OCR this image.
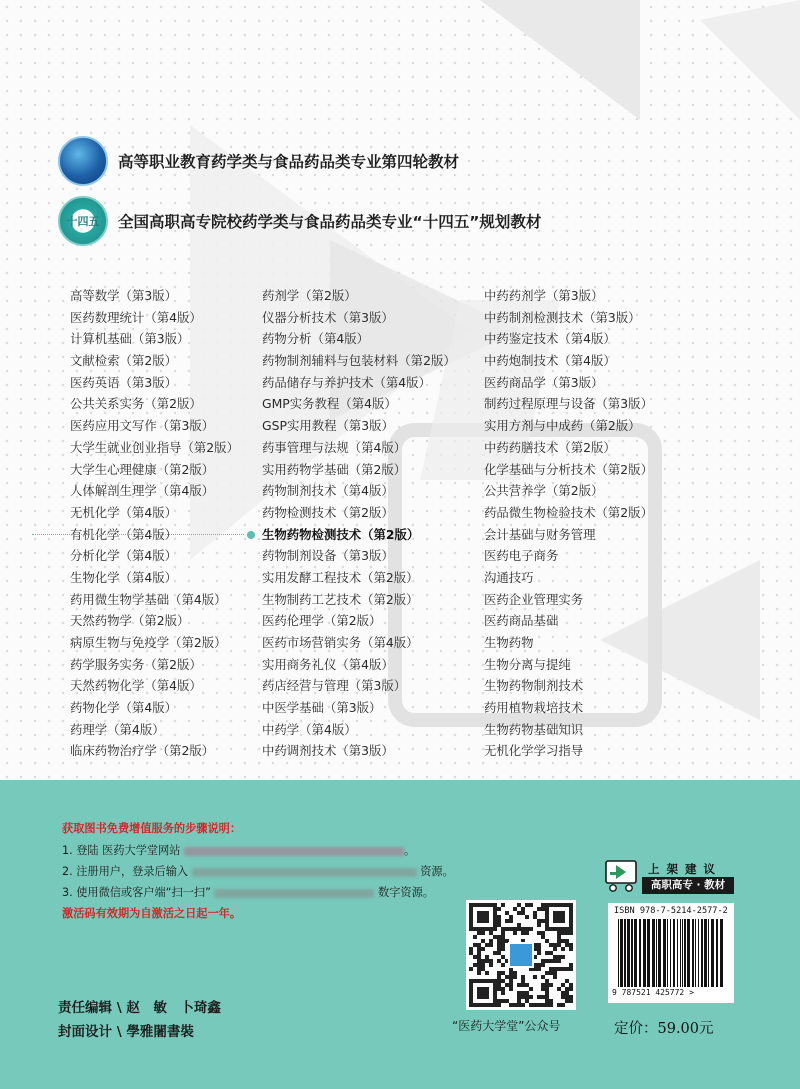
高等职业教育药学类与食品药品类专业第四轮教材
十四五 全国高职高专院校药学类与食品药品类专业“十四五”规划教材
高等数学（第3版）
医药数理统计（第4版）
计算机基础（第3版）
文献检索（第2版）
医药英语（第3版）
公共关系实务（第2版）
医药应用文写作（第3版）
大学生就业创业指导（第2版）
大学生心理健康（第2版）
人体解剖生理学（第4版）
无机化学（第4版）
有机化学（第4版）
分析化学（第4版）
生物化学（第4版）
药用微生物学基础（第4版）
天然药物学（第2版）
病原生物与免疫学（第2版）
药学服务实务（第2版）
天然药物化学（第4版）
药物化学（第4版）
药理学（第4版）
临床药物治疗学（第2版）
药剂学（第2版）
仪器分析技术（第3版）
药物分析（第4版）
药物制剂辅料与包装材料（第2版）
药品储存与养护技术（第4版）
GMP实务教程（第4版）
GSP实用教程（第3版）
药事管理与法规（第4版）
实用药物学基础（第2版）
药物制剂技术（第4版）
药物检测技术（第2版）
生物药物检测技术（第2版）
药物制剂设备（第3版）
实用发酵工程技术（第2版）
生物制药工艺技术（第2版）
医药伦理学（第2版）
医药市场营销实务（第4版）
实用商务礼仪（第4版）
药店经营与管理（第3版）
中医学基础（第3版）
中药学（第4版）
中药调剂技术（第3版）
中药药剂学（第3版）
中药制剂检测技术（第3版）
中药鉴定技术（第4版）
中药炮制技术（第4版）
医药商品学（第3版）
制药过程原理与设备（第3版）
实用方剂与中成药（第2版）
中药药膳技术（第2版）
化学基础与分析技术（第2版）
公共营养学（第2版）
药品微生物检验技术（第2版）
会计基础与财务管理
医药电子商务
沟通技巧
医药企业管理实务
医药商品基础
生物药物
生物分离与提纯
生物药物制剂技术
药用植物栽培技术
生物药物基础知识
无机化学学习指导
获取图书免费增值服务的步骤说明：
1. 登陆 医药大学堂网站	。
2. 注册用户，登录后输入	资源。
3. 使用微信或客户端“扫一扫”	数字资源。
激活码有效期为自激活之日起一年。
“医药大学堂”公众号
上架建议
高职高专 · 教材
ISBN 978-7-5214-2577-2
9 787521 425772 >
定价：59.00元
责任编辑 \ 赵　敏　卜琦鑫
封面设计 \ 學雅闍書裝
